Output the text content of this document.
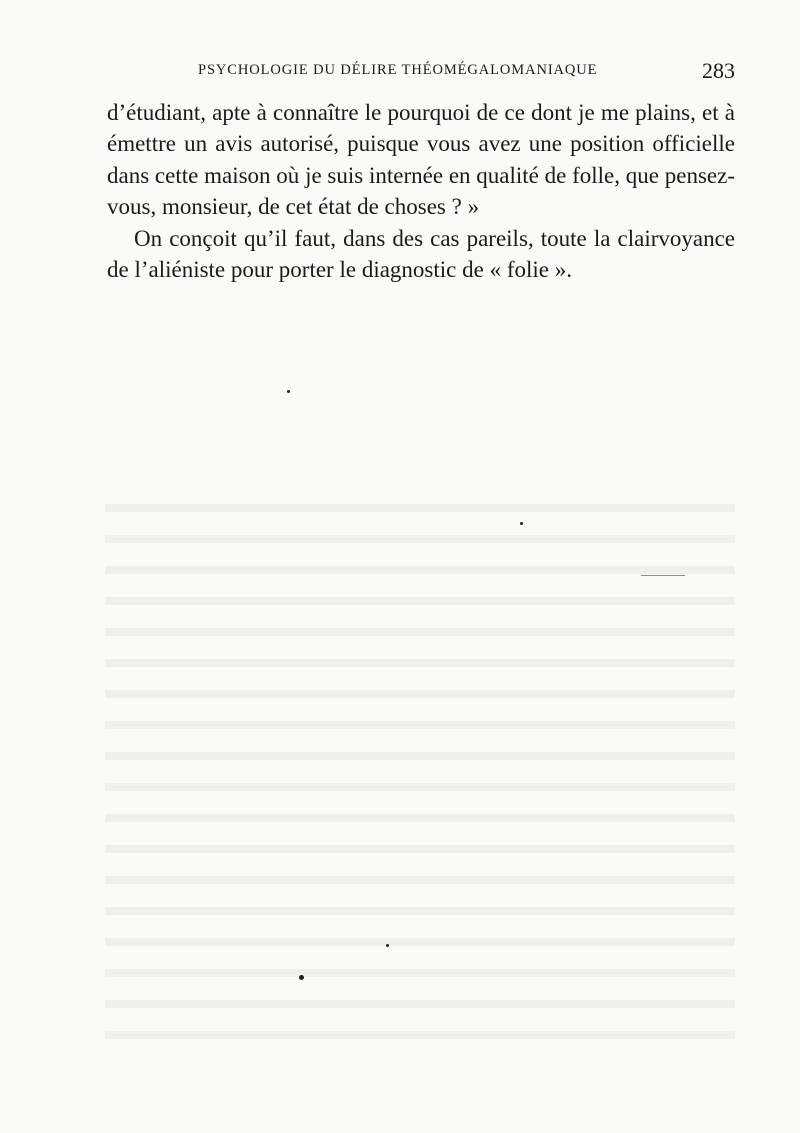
PSYCHOLOGIE DU DÉLIRE THÉOMÉGALOMANIAQUE	283

d’étudiant, apte à connaître le pourquoi de ce dont je me plains, et à émettre un avis autorisé, puisque vous avez une position officielle dans cette maison où je suis internée en qualité de folle, que pensez-vous, monsieur, de cet état de choses ? »

On conçoit qu’il faut, dans des cas pareils, toute la clairvoyance de l’aliéniste pour porter le diagnostic de « folie ».
